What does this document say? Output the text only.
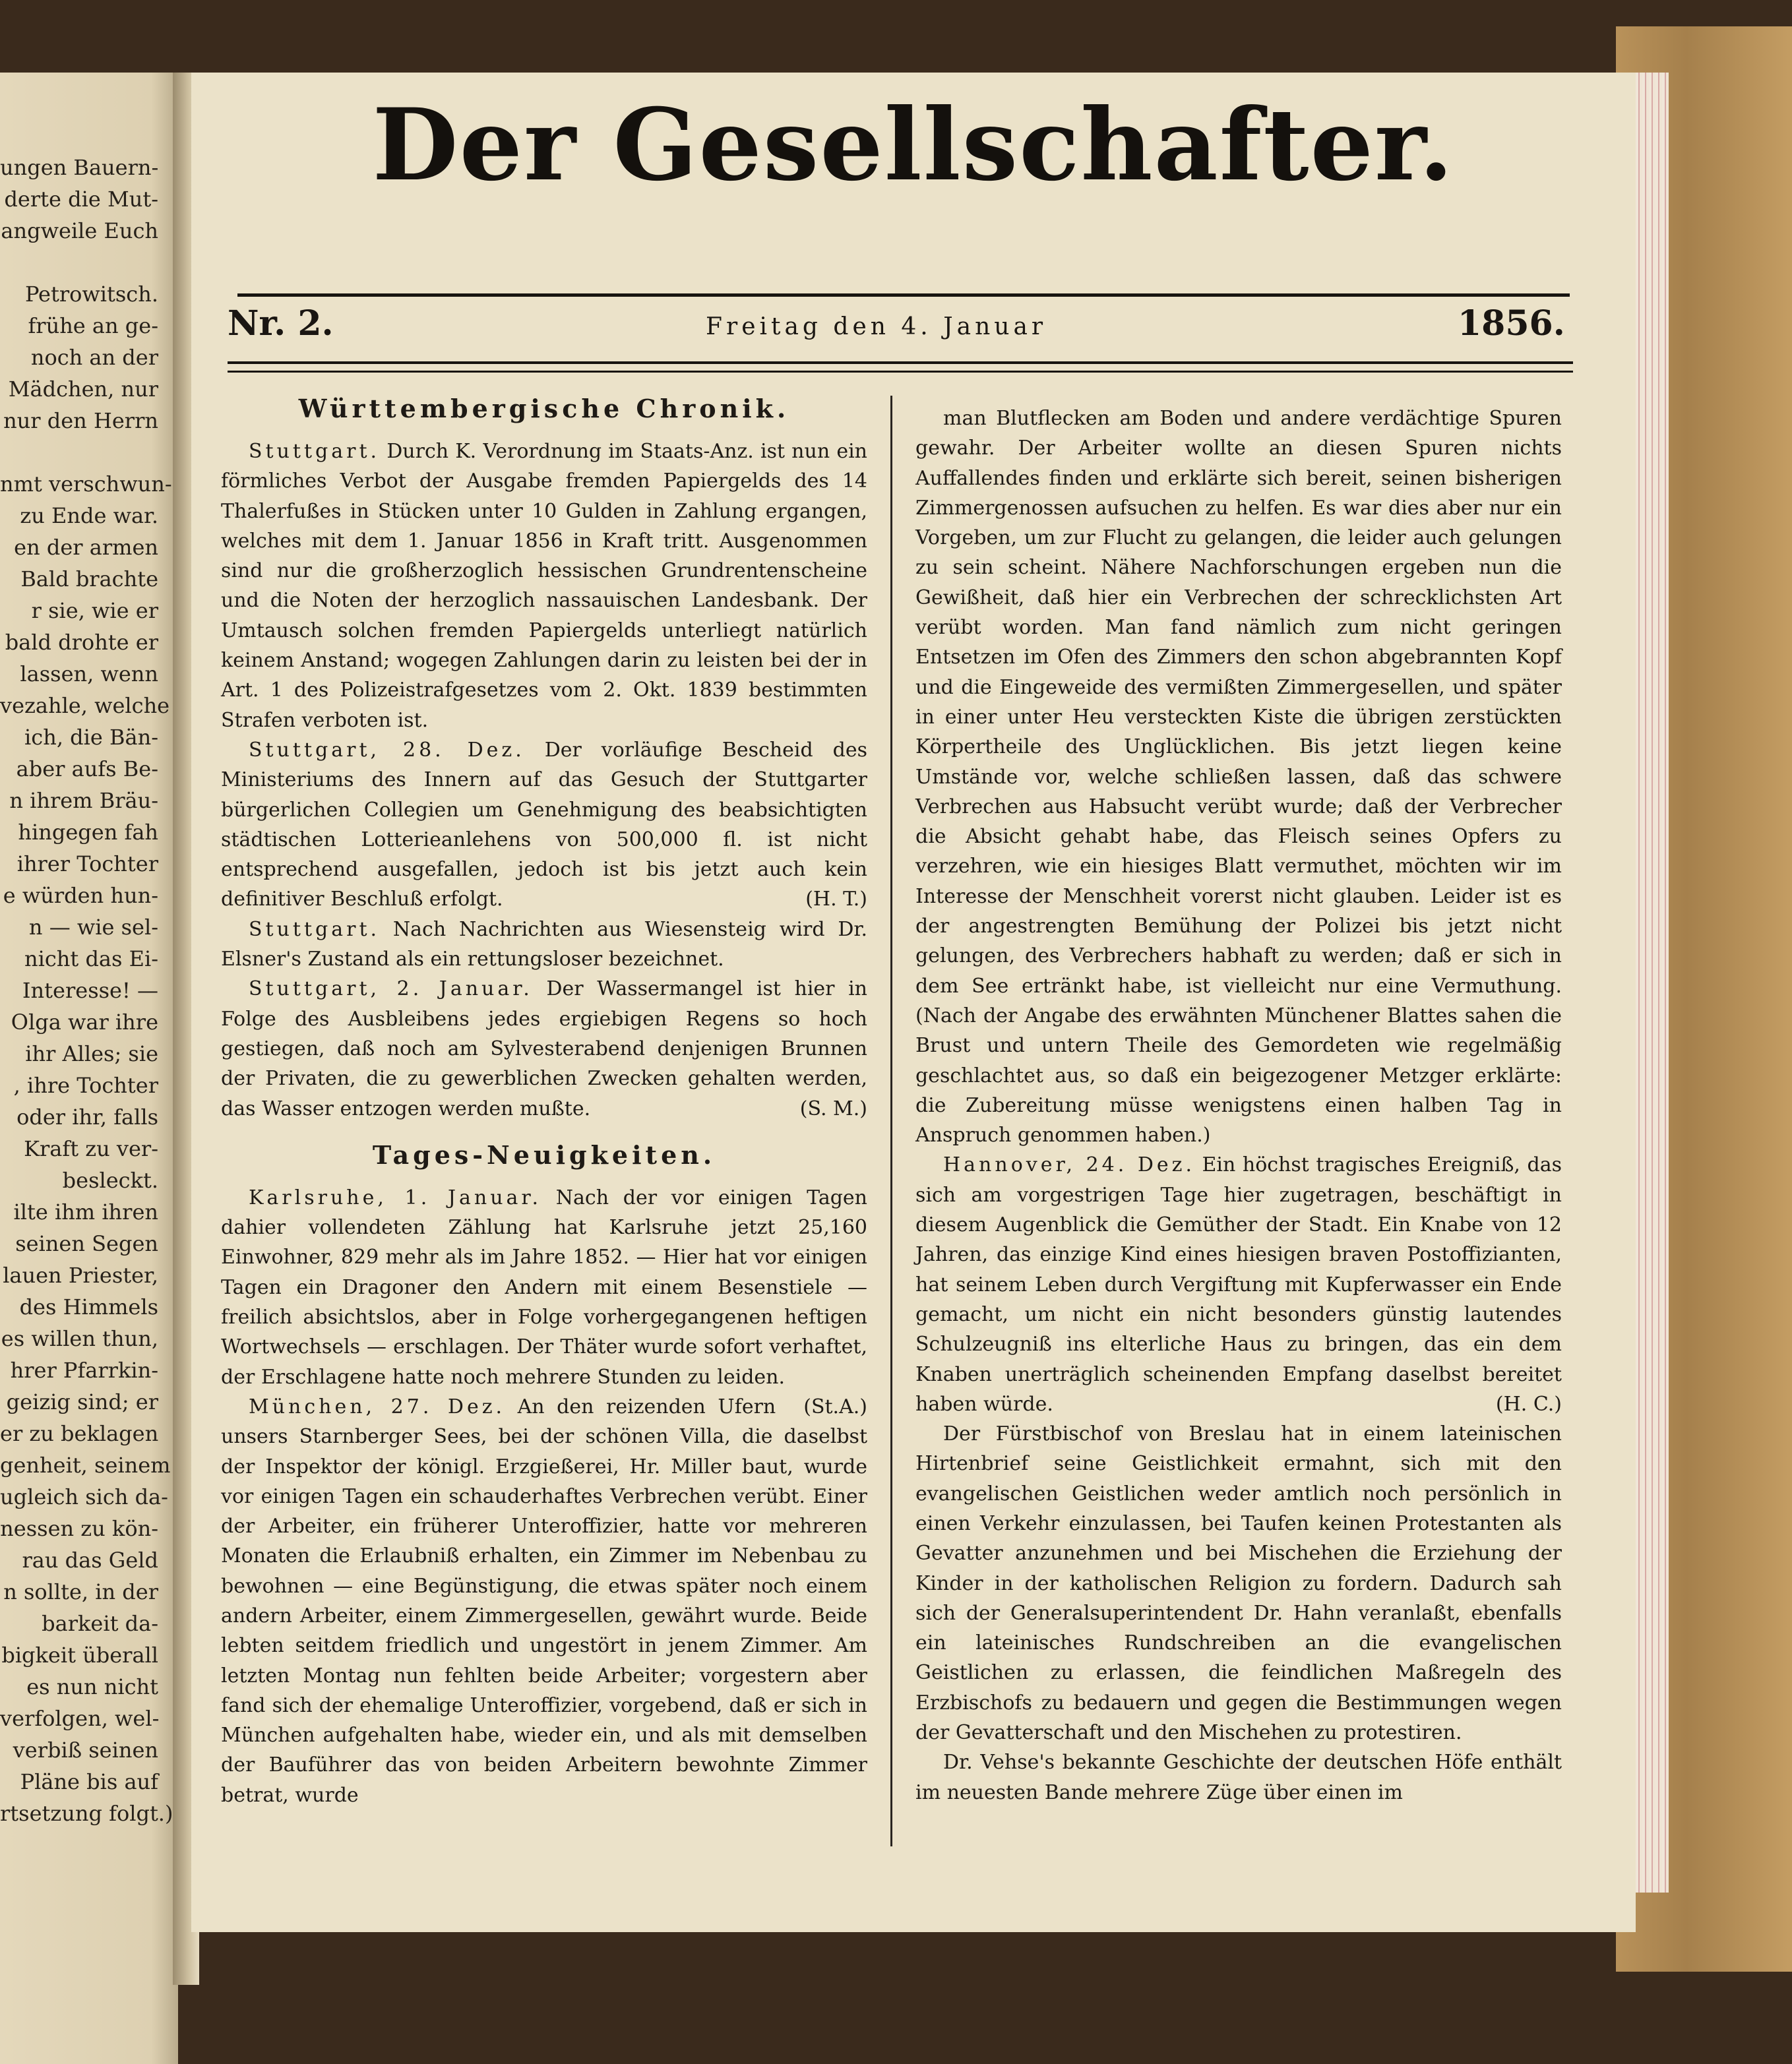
ungen Bauern-
derte die Mut-
angweile Euch

Petrowitsch.
frühe an ge-
noch an der
Mädchen, nur
nur den Herrn

nmt verschwun-
zu Ende war.
en der armen
Bald brachte
r sie, wie er
bald drohte er
lassen, wenn
vezahle, welche
ich, die Bän-
aber aufs Be-
n ihrem Bräu-
hingegen fah
ihrer Tochter
e würden hun-
n — wie sel-
nicht das Ei-
Interesse! —
Olga war ihre
ihr Alles; sie
, ihre Tochter
oder ihr, falls
Kraft zu ver-
besleckt.
ilte ihm ihren
seinen Segen
lauen Priester,
des Himmels
es willen thun,
hrer Pfarrkin-
geizig sind; er
er zu beklagen
genheit, seinem
ugleich sich da-
nessen zu kön-
rau das Geld
n sollte, in der
barkeit da-
bigkeit überall
es nun nicht
verfolgen, wel-
verbiß seinen
Pläne bis auf
rtsetzung folgt.)
Der Gesellschafter.
Nr. 2.	Freitag den 4. Januar	1856.
Württembergische Chronik.

Stuttgart. Durch K. Verordnung im Staats-Anz. ist nun ein förmliches Verbot der Ausgabe fremden Papiergelds des 14 Thalerfußes in Stücken unter 10 Gulden in Zahlung ergangen, welches mit dem 1. Januar 1856 in Kraft tritt. Ausgenommen sind nur die großherzoglich hessischen Grundrentenscheine und die Noten der herzoglich nassauischen Landesbank. Der Umtausch solchen fremden Papiergelds unterliegt natürlich keinem Anstand; wogegen Zahlungen darin zu leisten bei der in Art. 1 des Polizeistrafgesetzes vom 2. Okt. 1839 bestimmten Strafen verboten ist.

Stuttgart, 28. Dez. Der vorläufige Bescheid des Ministeriums des Innern auf das Gesuch der Stuttgarter bürgerlichen Collegien um Genehmigung des beabsichtigten städtischen Lotterieanlehens von 500,000 fl. ist nicht entsprechend ausgefallen, jedoch ist bis jetzt auch kein definitiver Beschluß erfolgt.	(H. T.)

Stuttgart. Nach Nachrichten aus Wiesensteig wird Dr. Elsner's Zustand als ein rettungsloser bezeichnet.

Stuttgart, 2. Januar. Der Wassermangel ist hier in Folge des Ausbleibens jedes ergiebigen Regens so hoch gestiegen, daß noch am Sylvesterabend denjenigen Brunnen der Privaten, die zu gewerblichen Zwecken gehalten werden, das Wasser entzogen werden mußte.	(S. M.)

Tages-Neuigkeiten.

Karlsruhe, 1. Januar. Nach der vor einigen Tagen dahier vollendeten Zählung hat Karlsruhe jetzt 25,160 Einwohner, 829 mehr als im Jahre 1852. — Hier hat vor einigen Tagen ein Dragoner den Andern mit einem Besenstiele — freilich absichtslos, aber in Folge vorhergegangenen heftigen Wortwechsels — erschlagen. Der Thäter wurde sofort verhaftet, der Erschlagene hatte noch mehrere Stunden zu leiden.
(St.A.)

München, 27. Dez. An den reizenden Ufern unsers Starnberger Sees, bei der schönen Villa, die daselbst der Inspektor der königl. Erzgießerei, Hr. Miller baut, wurde vor einigen Tagen ein schauderhaftes Verbrechen verübt. Einer der Arbeiter, ein früherer Unteroffizier, hatte vor mehreren Monaten die Erlaubniß erhalten, ein Zimmer im Nebenbau zu bewohnen — eine Begünstigung, die etwas später noch einem andern Arbeiter, einem Zimmergesellen, gewährt wurde. Beide lebten seitdem friedlich und ungestört in jenem Zimmer. Am letzten Montag nun fehlten beide Arbeiter; vorgestern aber fand sich der ehemalige Unteroffizier, vorgebend, daß er sich in München aufgehalten habe, wieder ein, und als mit demselben der Bauführer das von beiden Arbeitern bewohnte Zimmer betrat, wurde

man Blutflecken am Boden und andere verdächtige Spuren gewahr. Der Arbeiter wollte an diesen Spuren nichts Auffallendes finden und erklärte sich bereit, seinen bisherigen Zimmergenossen aufsuchen zu helfen. Es war dies aber nur ein Vorgeben, um zur Flucht zu gelangen, die leider auch gelungen zu sein scheint. Nähere Nachforschungen ergeben nun die Gewißheit, daß hier ein Verbrechen der schrecklichsten Art verübt worden. Man fand nämlich zum nicht geringen Entsetzen im Ofen des Zimmers den schon abgebrannten Kopf und die Eingeweide des vermißten Zimmergesellen, und später in einer unter Heu versteckten Kiste die übrigen zerstückten Körpertheile des Unglücklichen. Bis jetzt liegen keine Umstände vor, welche schließen lassen, daß das schwere Verbrechen aus Habsucht verübt wurde; daß der Verbrecher die Absicht gehabt habe, das Fleisch seines Opfers zu verzehren, wie ein hiesiges Blatt vermuthet, möchten wir im Interesse der Menschheit vorerst nicht glauben. Leider ist es der angestrengten Bemühung der Polizei bis jetzt nicht gelungen, des Verbrechers habhaft zu werden; daß er sich in dem See ertränkt habe, ist vielleicht nur eine Vermuthung. (Nach der Angabe des erwähnten Münchener Blattes sahen die Brust und untern Theile des Gemordeten wie regelmäßig geschlachtet aus, so daß ein beigezogener Metzger erklärte: die Zubereitung müsse wenigstens einen halben Tag in Anspruch genommen haben.)

Hannover, 24. Dez. Ein höchst tragisches Ereigniß, das sich am vorgestrigen Tage hier zugetragen, beschäftigt in diesem Augenblick die Gemüther der Stadt. Ein Knabe von 12 Jahren, das einzige Kind eines hiesigen braven Postoffizianten, hat seinem Leben durch Vergiftung mit Kupferwasser ein Ende gemacht, um nicht ein nicht besonders günstig lautendes Schulzeugniß ins elterliche Haus zu bringen, das ein dem Knaben unerträglich scheinenden Empfang daselbst bereitet haben würde.	(H. C.)

Der Fürstbischof von Breslau hat in einem lateinischen Hirtenbrief seine Geistlichkeit ermahnt, sich mit den evangelischen Geistlichen weder amtlich noch persönlich in einen Verkehr einzulassen, bei Taufen keinen Protestanten als Gevatter anzunehmen und bei Mischehen die Erziehung der Kinder in der katholischen Religion zu fordern. Dadurch sah sich der Generalsuperintendent Dr. Hahn veranlaßt, ebenfalls ein lateinisches Rundschreiben an die evangelischen Geistlichen zu erlassen, die feindlichen Maßregeln des Erzbischofs zu bedauern und gegen die Bestimmungen wegen der Gevatterschaft und den Mischehen zu protestiren.

Dr. Vehse's bekannte Geschichte der deutschen Höfe enthält im neuesten Bande mehrere Züge über einen im
